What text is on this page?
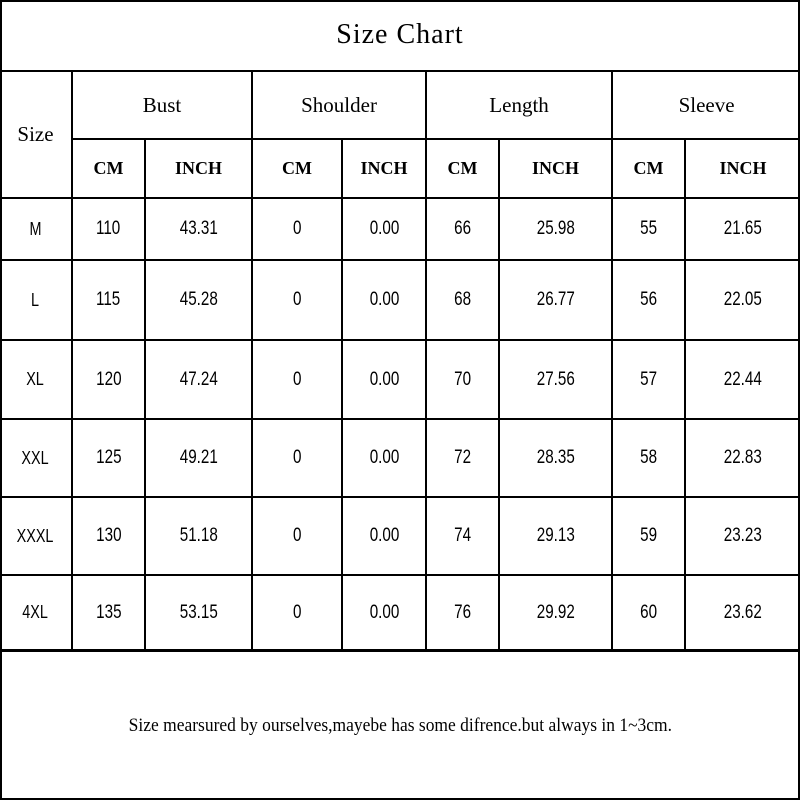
Size Chart
Size	Bust		Shoulder		Length		Sleeve	
	CM	INCH	CM	INCH	CM	INCH	CM	INCH
M	110	43.31	0	0.00	66	25.98	55	21.65
L	115	45.28	0	0.00	68	26.77	56	22.05
XL	120	47.24	0	0.00	70	27.56	57	22.44
XXL	125	49.21	0	0.00	72	28.35	58	22.83
XXXL	130	51.18	0	0.00	74	29.13	59	23.23
4XL	135	53.15	0	0.00	76	29.92	60	23.62
Size mearsured by ourselves,mayebe has some difrence.but always in 1~3cm.
